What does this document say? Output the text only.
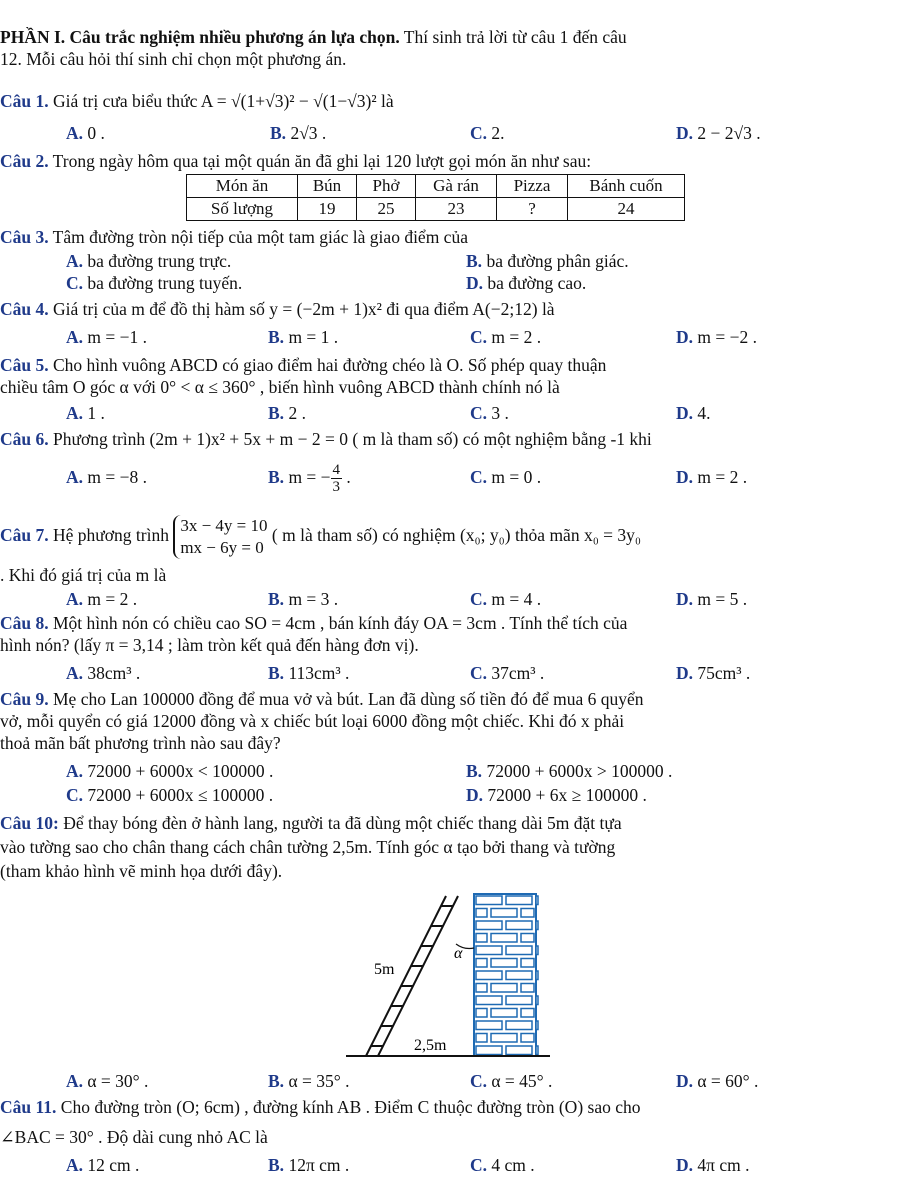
PHẦN I. Câu trắc nghiệm nhiều phương án lựa chọn. Thí sinh trả lời từ câu 1 đến câu
12. Mỗi câu hỏi thí sinh chỉ chọn một phương án.
Câu 1. Giá trị cưa biểu thức A = √(1+√3)² − √(1−√3)² là
A. 0 .	B. 2√3 .	C. 2.	D. 2 − 2√3 .
Câu 2. Trong ngày hôm qua tại một quán ăn đã ghi lại 120 lượt gọi món ăn như sau:
Món ăn	Bún	Phở	Gà rán	Pizza	Bánh cuốn
Số lượng	19	25	23	?	24
Câu 3. Tâm đường tròn nội tiếp của một tam giác là giao điểm của
A. ba đường trung trực.	B. ba đường phân giác.
C. ba đường trung tuyến.	D. ba đường cao.
Câu 4. Giá trị của m để đồ thị hàm số y = (−2m + 1)x² đi qua điểm A(−2;12) là
A. m = −1 .	B. m = 1 .	C. m = 2 .	D. m = −2 .
Câu 5. Cho hình vuông ABCD có giao điểm hai đường chéo là O. Số phép quay thuận
chiều tâm O góc α với 0° < α ≤ 360° , biến hình vuông ABCD thành chính nó là
A. 1 .	B. 2 .	C. 3 .	D. 4.
Câu 6. Phương trình (2m + 1)x² + 5x + m − 2 = 0 ( m là tham số) có một nghiệm bằng -1 khi
A. m = −8 .	B. m = − $\frac{4}{3}$ .	C. m = 0 .	D. m = 2 .
Câu 7. Hệ phương trình 3x − 4y = 10
mx − 6y = 0
( m là tham số) có nghiệm (x₀; y₀) thỏa mãn x₀ = 3y₀
. Khi đó giá trị của m là
A. m = 2 .	B. m = 3 .	C. m = 4 .	D. m = 5 .
Câu 8. Một hình nón có chiều cao SO = 4cm , bán kính đáy OA = 3cm . Tính thể tích của
hình nón? (lấy π = 3,14 ; làm tròn kết quả đến hàng đơn vị).
A. 38cm³ .	B. 113cm³ .	C. 37cm³ .	D. 75cm³ .
Câu 9. Mẹ cho Lan 100000 đồng để mua vở và bút. Lan đã dùng số tiền đó để mua 6 quyển
vở, mỗi quyển có giá 12000 đồng và x chiếc bút loại 6000 đồng một chiếc. Khi đó x phải
thoả mãn bất phương trình nào sau đây?
A. 72000 + 6000x < 100000 .	B. 72000 + 6000x > 100000 .
C. 72000 + 6000x ≤ 100000 .	D. 72000 + 6x ≥ 100000 .
Câu 10: Để thay bóng đèn ở hành lang, người ta đã dùng một chiếc thang dài 5m đặt tựa
vào tường sao cho chân thang cách chân tường 2,5m. Tính góc α tạo bởi thang và tường
(tham khảo hình vẽ minh họa dưới đây).
α
5m
2,5m
A. α = 30° .	B. α = 35° .	C. α = 45° .	D. α = 60° .
Câu 11. Cho đường tròn (O; 6cm) , đường kính AB . Điểm C thuộc đường tròn (O) sao cho
∠BAC = 30° . Độ dài cung nhỏ AC là
A. 12 cm .	B. 12π cm .	C. 4 cm .	D. 4π cm .
